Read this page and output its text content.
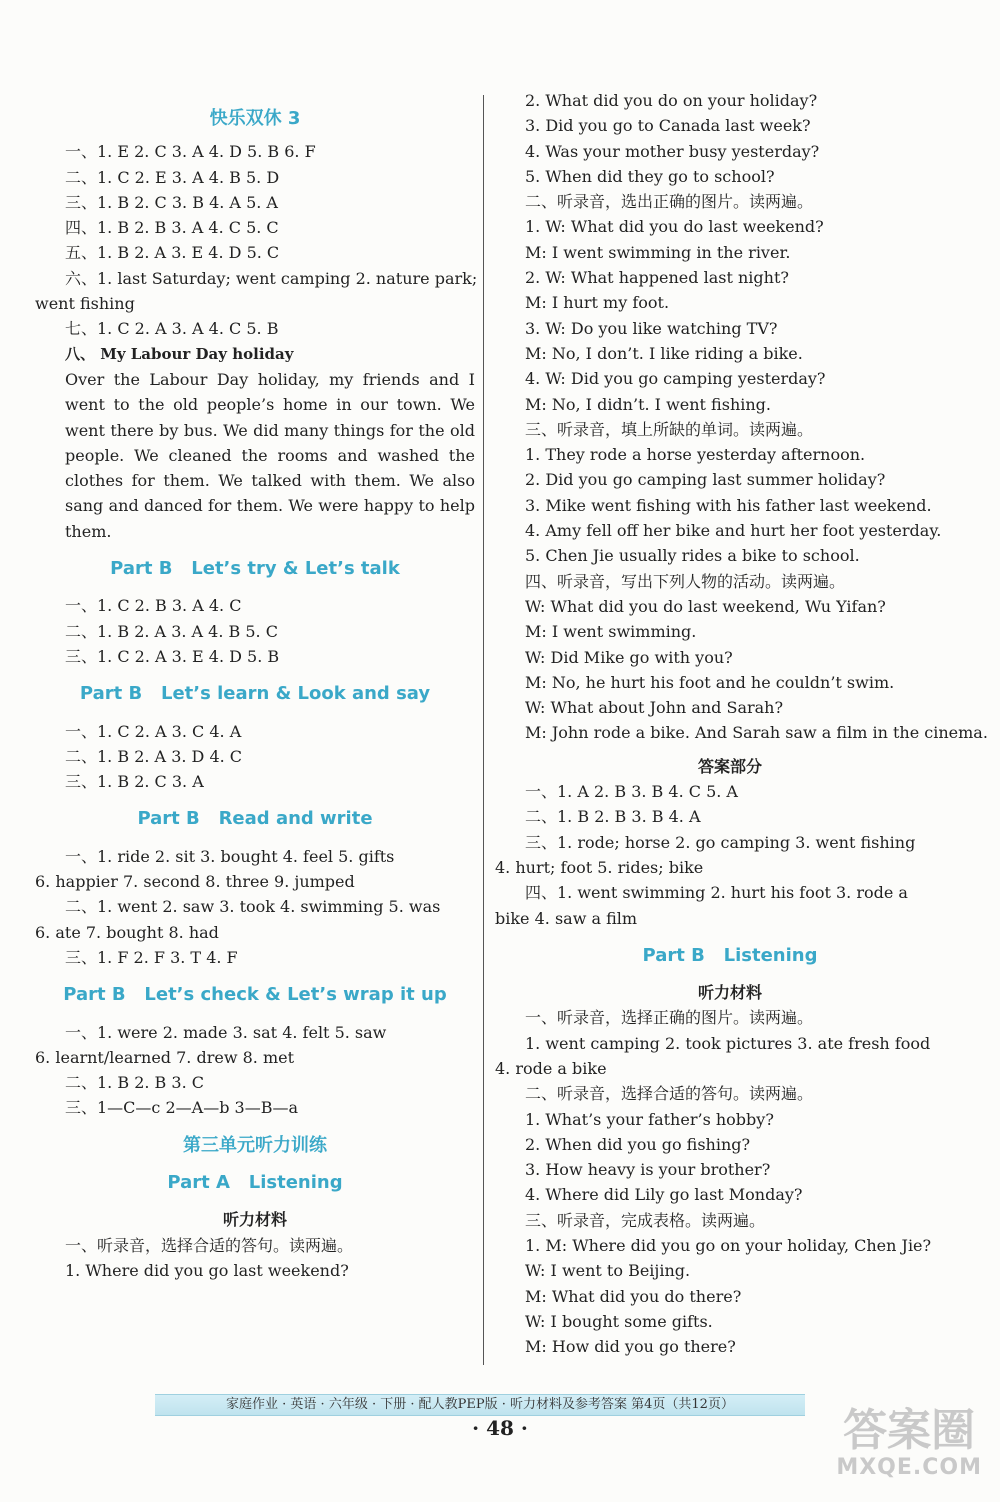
快乐双休 3
一、1. E 2. C 3. A 4. D 5. B 6. F
二、1. C 2. E 3. A 4. B 5. D
三、1. B 2. C 3. B 4. A 5. A
四、1. B 2. B 3. A 4. C 5. C
五、1. B 2. A 3. E 4. D 5. C
六、1. last Saturday; went camping 2. nature park;
went fishing
七、1. C 2. A 3. A 4. C 5. B
八、 My Labour Day holiday
Over the Labour Day holiday, my friends and I went to the old people’s home in our town. We went there by bus. We did many things for the old people. We cleaned the rooms and washed the clothes for them. We talked with them. We also sang and danced for them. We were happy to help them.
Part B   Let’s try & Let’s talk
一、1. C 2. B 3. A 4. C
二、1. B 2. A 3. A 4. B 5. C
三、1. C 2. A 3. E 4. D 5. B
Part B   Let’s learn & Look and say
一、1. C 2. A 3. C 4. A
二、1. B 2. A 3. D 4. C
三、1. B 2. C 3. A
Part B   Read and write
一、1. ride 2. sit 3. bought 4. feel 5. gifts
6. happier 7. second 8. three 9. jumped
二、1. went 2. saw 3. took 4. swimming 5. was
6. ate 7. bought 8. had
三、1. F 2. F 3. T 4. F
Part B   Let’s check & Let’s wrap it up
一、1. were 2. made 3. sat 4. felt 5. saw
6. learnt/learned 7. drew 8. met
二、1. B 2. B 3. C
三、1—C—c 2—A—b 3—B—a
第三单元听力训练
Part A   Listening
听力材料
一、听录音，选择合适的答句。读两遍。
1. Where did you go last weekend?
2. What did you do on your holiday?
3. Did you go to Canada last week?
4. Was your mother busy yesterday?
5. When did they go to school?
二、听录音，选出正确的图片。读两遍。
1. W: What did you do last weekend?
M: I went swimming in the river.
2. W: What happened last night?
M: I hurt my foot.
3. W: Do you like watching TV?
M: No, I don’t. I like riding a bike.
4. W: Did you go camping yesterday?
M: No, I didn’t. I went fishing.
三、听录音，填上所缺的单词。读两遍。
1. They rode a horse yesterday afternoon.
2. Did you go camping last summer holiday?
3. Mike went fishing with his father last weekend.
4. Amy fell off her bike and hurt her foot yesterday.
5. Chen Jie usually rides a bike to school.
四、听录音，写出下列人物的活动。读两遍。
W: What did you do last weekend, Wu Yifan?
M: I went swimming.
W: Did Mike go with you?
M: No, he hurt his foot and he couldn’t swim.
W: What about John and Sarah?
M: John rode a bike. And Sarah saw a film in the cinema.
答案部分
一、1. A 2. B 3. B 4. C 5. A
二、1. B 2. B 3. B 4. A
三、1. rode; horse 2. go camping 3. went fishing
4. hurt; foot 5. rides; bike
四、1. went swimming 2. hurt his foot 3. rode a
bike 4. saw a film
Part B   Listening
听力材料
一、听录音，选择正确的图片。读两遍。
1. went camping 2. took pictures 3. ate fresh food
4. rode a bike
二、听录音，选择合适的答句。读两遍。
1. What’s your father’s hobby?
2. When did you go fishing?
3. How heavy is your brother?
4. Where did Lily go last Monday?
三、听录音，完成表格。读两遍。
1. M: Where did you go on your holiday, Chen Jie?
W: I went to Beijing.
M: What did you do there?
W: I bought some gifts.
M: How did you go there?
家庭作业 · 英语 · 六年级 · 下册 · 配人教PEP版 · 听力材料及参考答案 第4页（共12页）
· 48 ·	答案圈
MXQE.COM
